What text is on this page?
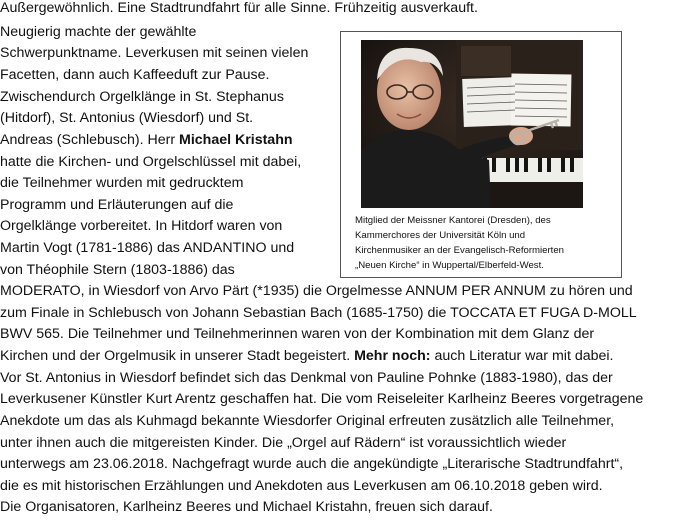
Außergewöhnlich. Eine Stadtrundfahrt für alle Sinne. Frühzeitig ausverkauft.
Neugierig machte der gewählte
Schwerpunktname. Leverkusen mit seinen vielen
Facetten, dann auch Kaffeeduft zur Pause.
Zwischendurch Orgelklänge in St. Stephanus
(Hitdorf), St. Antonius (Wiesdorf) und St.
Andreas (Schlebusch). Herr Michael Kristahn
hatte die Kirchen- und Orgelschlüssel mit dabei,
die Teilnehmer wurden mit gedrucktem
Programm und Erläuterungen auf die
Orgelklänge vorbereitet. In Hitdorf waren von
Martin Vogt (1781-1886) das ANDANTINO und
von Théophile Stern (1803-1886) das
MODERATO, in Wiesdorf von Arvo Pärt (*1935) die Orgelmesse ANNUM PER ANNUM zu hören und
zum Finale in Schlebusch von Johann Sebastian Bach (1685-1750) die TOCCATA ET FUGA D-MOLL
BWV 565. Die Teilnehmer und Teilnehmerinnen waren von der Kombination mit dem Glanz der
Kirchen und der Orgelmusik in unserer Stadt begeistert. Mehr noch: auch Literatur war mit dabei.
Vor St. Antonius in Wiesdorf befindet sich das Denkmal von Pauline Pohnke (1883-1980), das der
Leverkusener Künstler Kurt Arentz geschaffen hat. Die vom Reiseleiter Karlheinz Beeres vorgetragene
Anekdote um das als Kuhmagd bekannte Wiesdorfer Original erfreuten zusätzlich alle Teilnehmer,
unter ihnen auch die mitgereisten Kinder. Die „Orgel auf Rädern“ ist voraussichtlich wieder
unterwegs am 23.06.2018. Nachgefragt wurde auch die angekündigte „Literarische Stadtrundfahrt“,
die es mit historischen Erzählungen und Anekdoten aus Leverkusen am 06.10.2018 geben wird.
Die Organisatoren, Karlheinz Beeres und Michael Kristahn, freuen sich darauf.
Mitglied der Meissner Kantorei (Dresden), des
Kammerchores der Universität Köln und
Kirchenmusiker an der Evangelisch-Reformierten
„Neuen Kirche“ in Wuppertal/Elberfeld-West.
